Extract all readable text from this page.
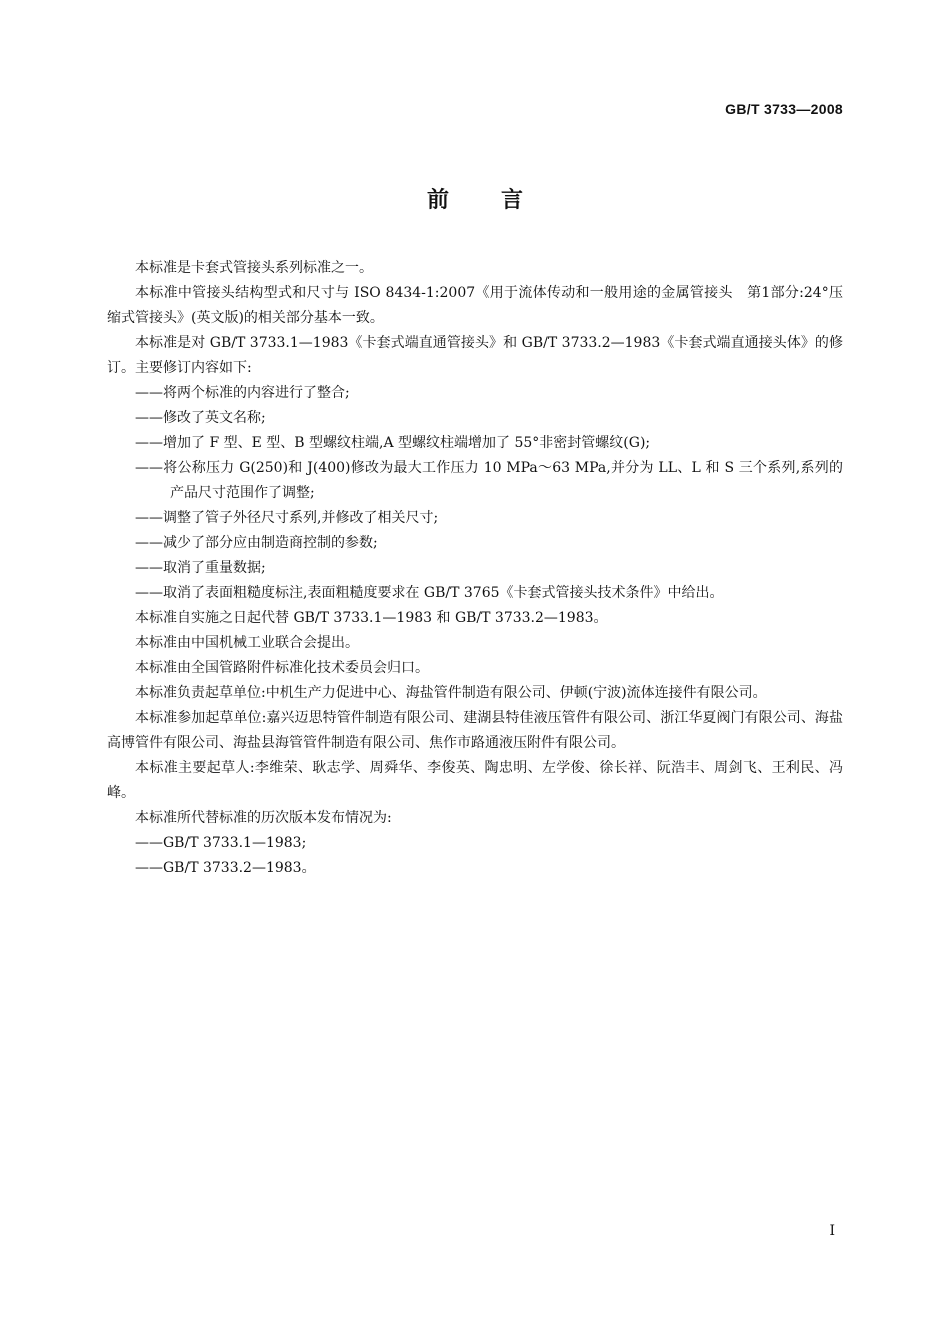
GB/T 3733—2008
前言

本标准是卡套式管接头系列标准之一。

本标准中管接头结构型式和尺寸与 ISO 8434-1:2007《用于流体传动和一般用途的金属管接头　第1部分:24°压缩式管接头》(英文版)的相关部分基本一致。

本标准是对 GB/T 3733.1—1983《卡套式端直通管接头》和 GB/T 3733.2—1983《卡套式端直通接头体》的修订。主要修订内容如下:

——将两个标准的内容进行了整合;

——修改了英文名称;

——增加了 F 型、E 型、B 型螺纹柱端,A 型螺纹柱端增加了 55°非密封管螺纹(G);

——将公称压力 G(250)和 J(400)修改为最大工作压力 10 MPa～63 MPa,并分为 LL、L 和 S 三个系列,系列的产品尺寸范围作了调整;

——调整了管子外径尺寸系列,并修改了相关尺寸;

——减少了部分应由制造商控制的参数;

——取消了重量数据;

——取消了表面粗糙度标注,表面粗糙度要求在 GB/T 3765《卡套式管接头技术条件》中给出。

本标准自实施之日起代替 GB/T 3733.1—1983 和 GB/T 3733.2—1983。

本标准由中国机械工业联合会提出。

本标准由全国管路附件标准化技术委员会归口。

本标准负责起草单位:中机生产力促进中心、海盐管件制造有限公司、伊顿(宁波)流体连接件有限公司。

本标准参加起草单位:嘉兴迈思特管件制造有限公司、建湖县特佳液压管件有限公司、浙江华夏阀门有限公司、海盐高博管件有限公司、海盐县海管管件制造有限公司、焦作市路通液压附件有限公司。

本标准主要起草人:李维荣、耿志学、周舜华、李俊英、陶忠明、左学俊、徐长祥、阮浩丰、周剑飞、王利民、冯峰。

本标准所代替标准的历次版本发布情况为:

——GB/T 3733.1—1983;

——GB/T 3733.2—1983。

I
